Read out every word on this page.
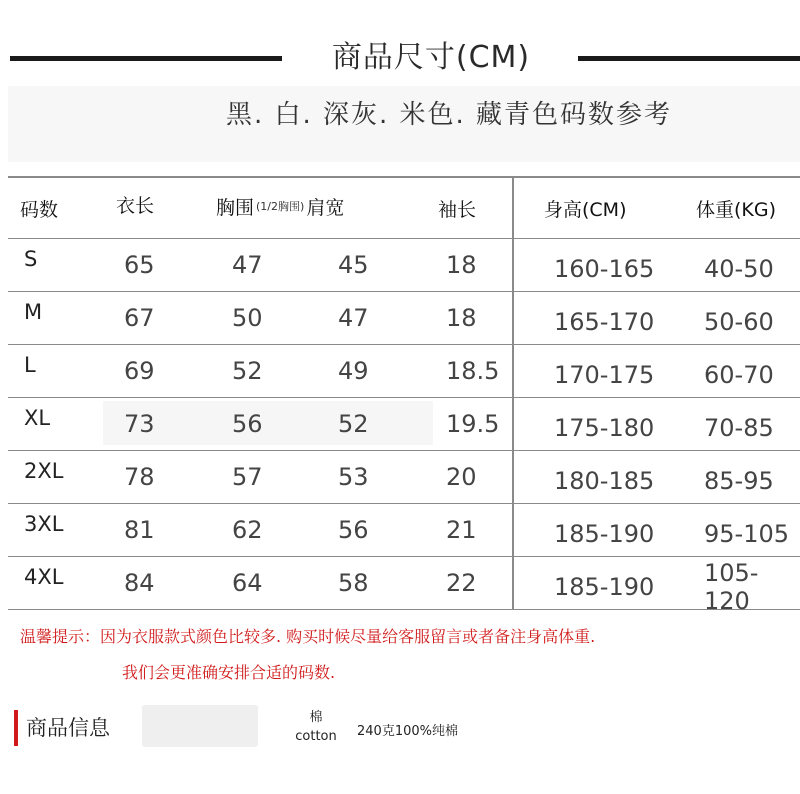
商品尺寸(CM)
黑. 白. 深灰. 米色. 藏青色码数参考
码数	衣长	胸围 (1/2胸围) 肩宽	袖长	身高(CM)	体重(KG)
S	65	47	45	18	160-165 40-50
M	67	50	47	18	165-170 50-60
L	69	52	49	18.5 170-175 60-70
XL	73	56	52	19.5 175-180 70-85
2XL	78	57	53	20	180-185 85-95
3XL	81	62	56	21	185-190 95-105
4XL	84	64	58	22	185-190 105-120
温馨提示：因为衣服款式颜色比较多. 购买时候尽量给客服留言或者备注身高体重.
我们会更准确安排合适的码数.
商品信息	棉
cotton	240克100%纯棉
